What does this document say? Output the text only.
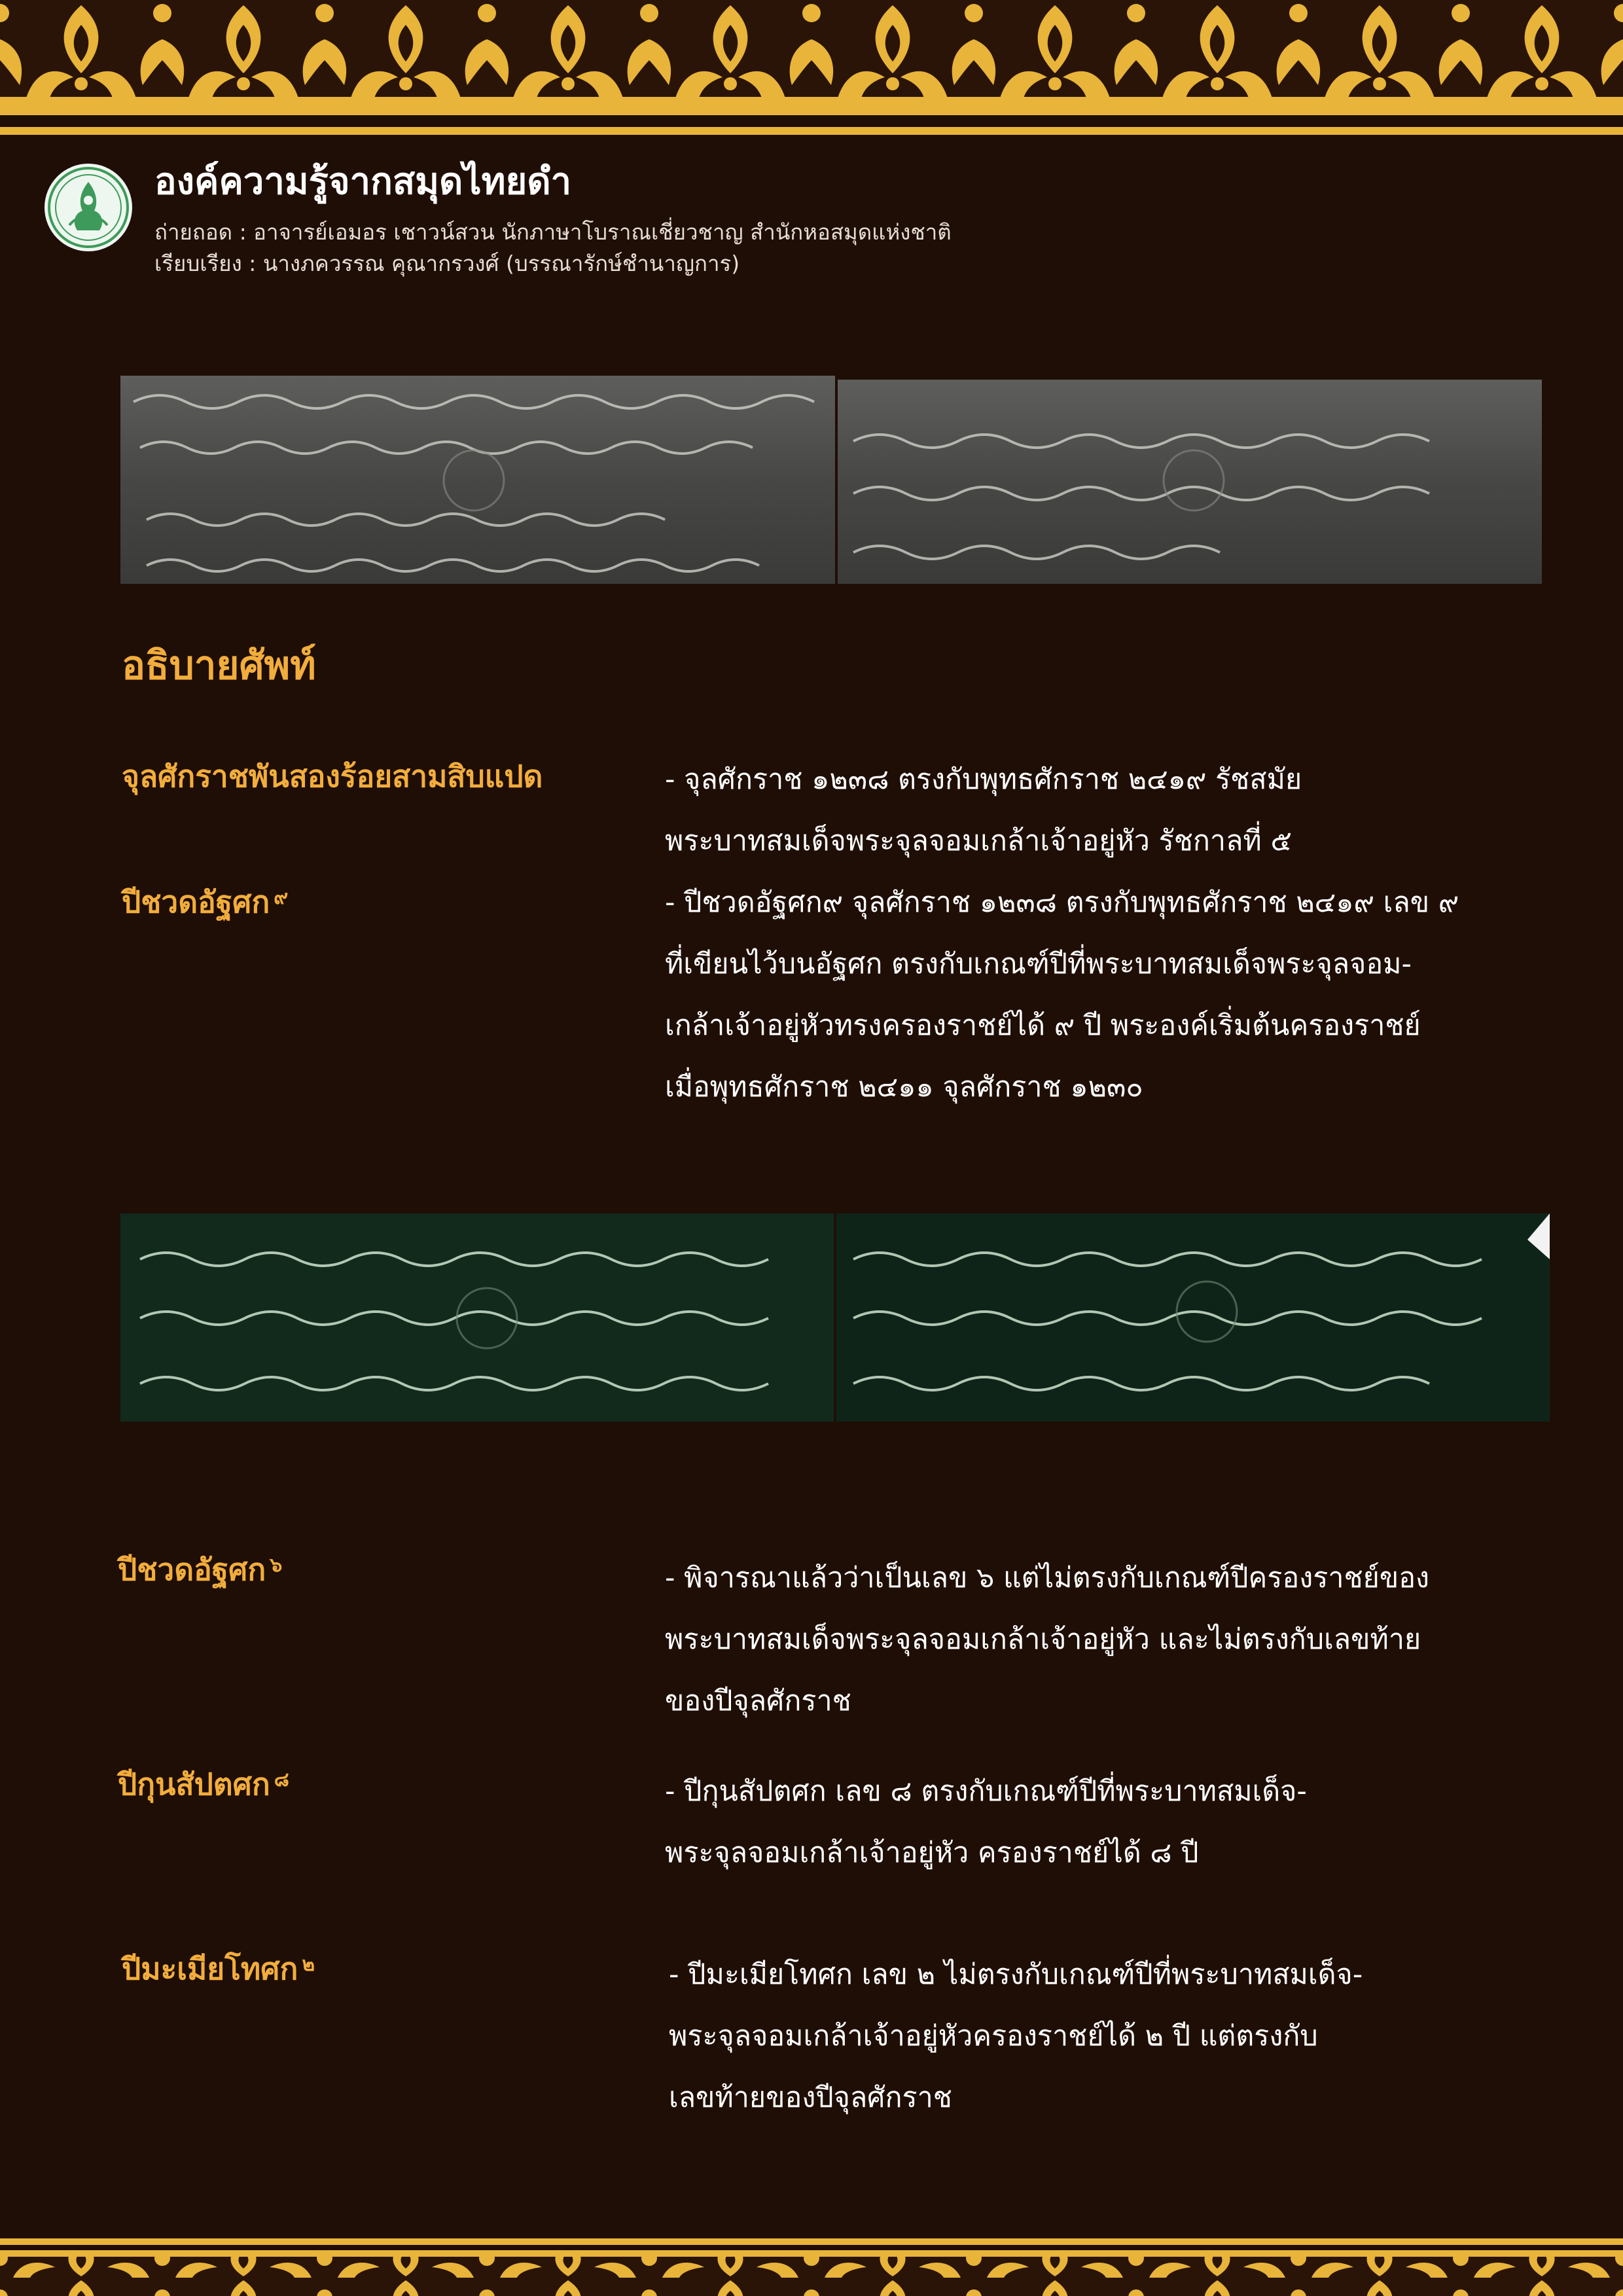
องค์ความรู้จากสมุดไทยดำ
ถ่ายถอด : อาจารย์เอมอร เชาวน์สวน นักภาษาโบราณเชี่ยวชาญ สำนักหอสมุดแห่งชาติ
เรียบเรียง : นางภควรรณ คุณากรวงศ์ (บรรณารักษ์ชำนาญการ)
อธิบายศัพท์
จุลศักราชพันสองร้อยสามสิบแปด	- จุลศักราช ๑๒๓๘ ตรงกับพุทธศักราช ๒๔๑๙ รัชสมัย
พระบาทสมเด็จพระจุลจอมเกล้าเจ้าอยู่หัว รัชกาลที่ ๕
ปีชวดอัฐศก $^๙$	- ปีชวดอัฐศก๙ จุลศักราช ๑๒๓๘ ตรงกับพุทธศักราช ๒๔๑๙ เลข ๙
ที่เขียนไว้บนอัฐศก ตรงกับเกณฑ์ปีที่พระบาทสมเด็จพระจุลจอม-
เกล้าเจ้าอยู่หัวทรงครองราชย์ได้ ๙ ปี พระองค์เริ่มต้นครองราชย์
เมื่อพุทธศักราช ๒๔๑๑ จุลศักราช ๑๒๓๐
ปีชวดอัฐศก $^๖$	- พิจารณาแล้วว่าเป็นเลข ๖ แต่ไม่ตรงกับเกณฑ์ปีครองราชย์ของ
พระบาทสมเด็จพระจุลจอมเกล้าเจ้าอยู่หัว และไม่ตรงกับเลขท้าย
ของปีจุลศักราช
ปีกุนสัปตศก $^๘$	- ปีกุนสัปตศก เลข ๘ ตรงกับเกณฑ์ปีที่พระบาทสมเด็จ-
พระจุลจอมเกล้าเจ้าอยู่หัว ครองราชย์ได้ ๘ ปี
ปีมะเมียโทศก $^๒$	- ปีมะเมียโทศก เลข ๒ ไม่ตรงกับเกณฑ์ปีที่พระบาทสมเด็จ-
พระจุลจอมเกล้าเจ้าอยู่หัวครองราชย์ได้ ๒ ปี แต่ตรงกับ
เลขท้ายของปีจุลศักราช
